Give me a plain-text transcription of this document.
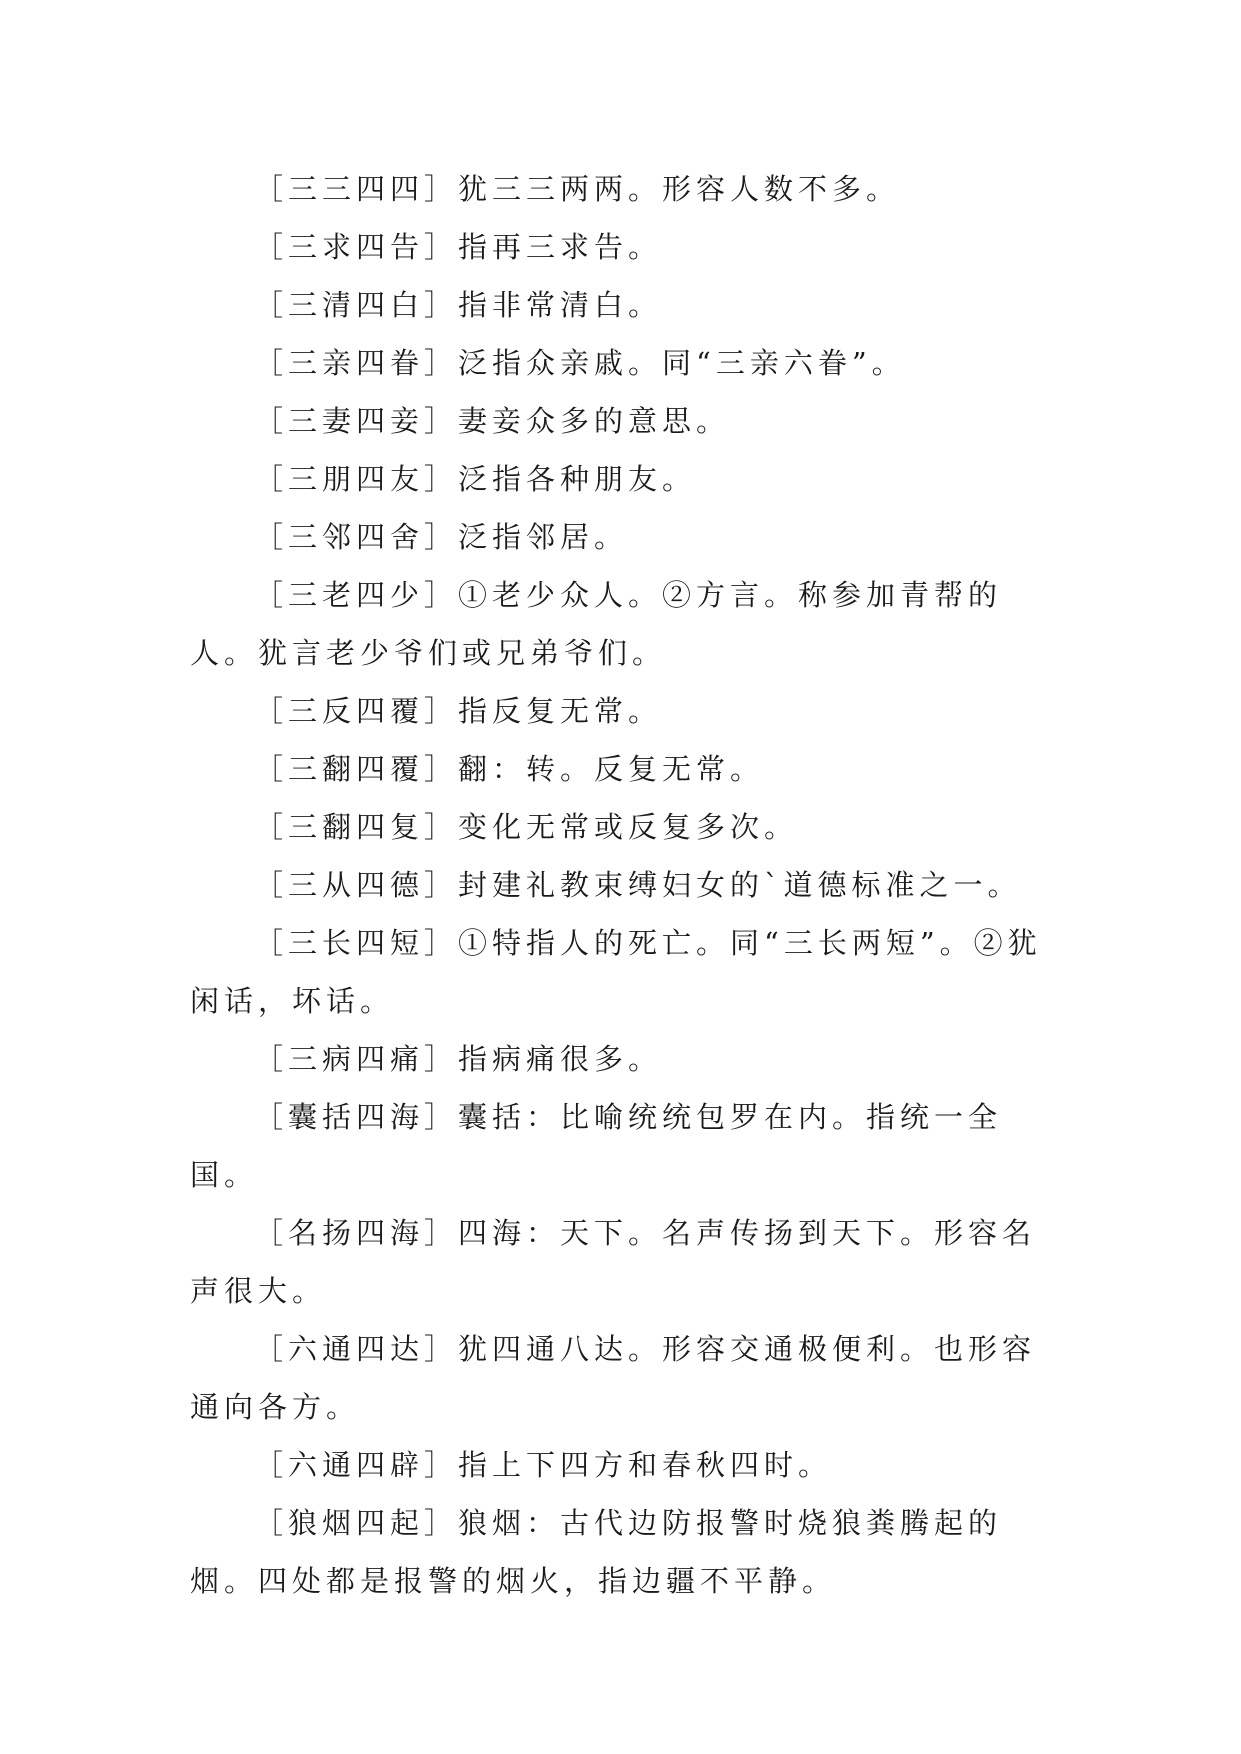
［三三四四］犹三三两两。形容人数不多。

［三求四告］指再三求告。

［三清四白］指非常清白。

［三亲四眷］泛指众亲戚。同“三亲六眷”。

［三妻四妾］妻妾众多的意思。

［三朋四友］泛指各种朋友。

［三邻四舍］泛指邻居。

［三老四少］①老少众人。②方言。称参加青帮的人。犹言老少爷们或兄弟爷们。

［三反四覆］指反复无常。

［三翻四覆］翻：转。反复无常。

［三翻四复］变化无常或反复多次。

［三从四德］封建礼教束缚妇女的`道德标准之一。

［三长四短］①特指人的死亡。同“三长两短”。②犹闲话，坏话。

［三病四痛］指病痛很多。

［囊括四海］囊括：比喻统统包罗在内。指统一全国。

［名扬四海］四海：天下。名声传扬到天下。形容名声很大。

［六通四达］犹四通八达。形容交通极便利。也形容通向各方。

［六通四辟］指上下四方和春秋四时。

［狼烟四起］狼烟：古代边防报警时烧狼粪腾起的烟。四处都是报警的烟火，指边疆不平静。
